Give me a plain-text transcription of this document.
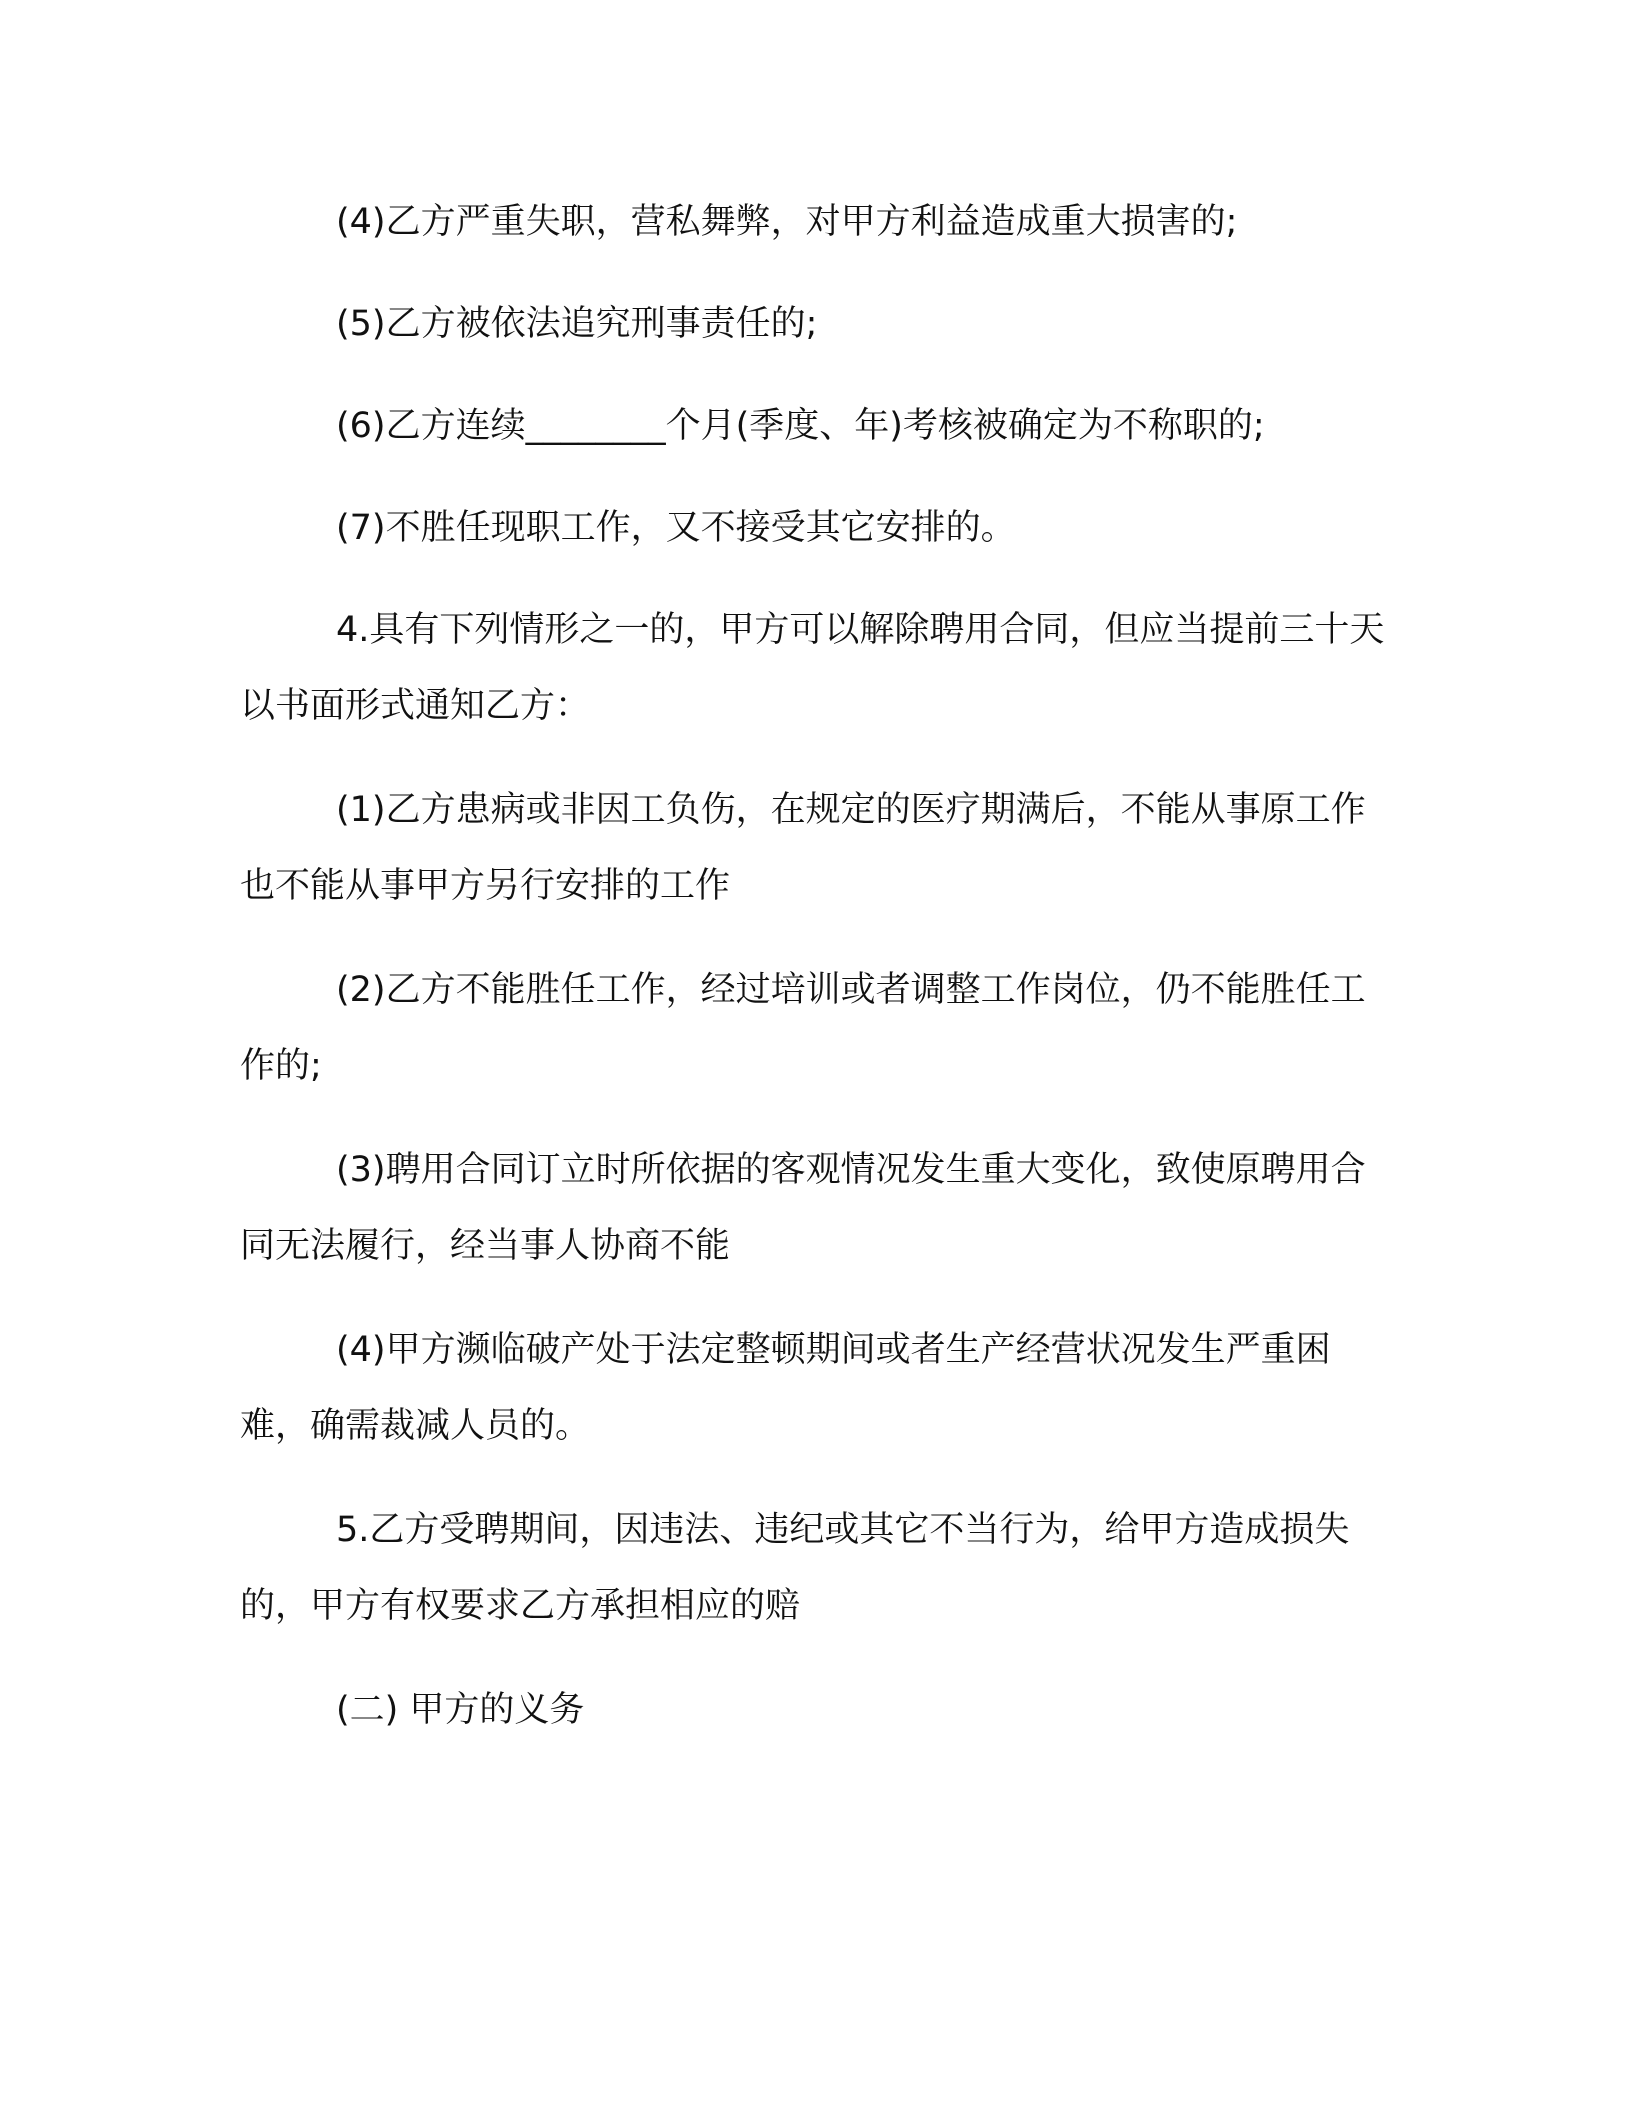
(4)乙方严重失职，营私舞弊，对甲方利益造成重大损害的;

(5)乙方被依法追究刑事责任的;

(6)乙方连续________个月(季度、年)考核被确定为不称职的;

(7)不胜任现职工作，又不接受其它安排的。

4.具有下列情形之一的，甲方可以解除聘用合同，但应当提前三十天以书面形式通知乙方：

(1)乙方患病或非因工负伤，在规定的医疗期满后，不能从事原工作也不能从事甲方另行安排的工作

(2)乙方不能胜任工作，经过培训或者调整工作岗位，仍不能胜任工作的;

(3)聘用合同订立时所依据的客观情况发生重大变化，致使原聘用合同无法履行，经当事人协商不能

(4)甲方濒临破产处于法定整顿期间或者生产经营状况发生严重困难，确需裁减人员的。

5.乙方受聘期间，因违法、违纪或其它不当行为，给甲方造成损失的，甲方有权要求乙方承担相应的赔

(二) 甲方的义务
